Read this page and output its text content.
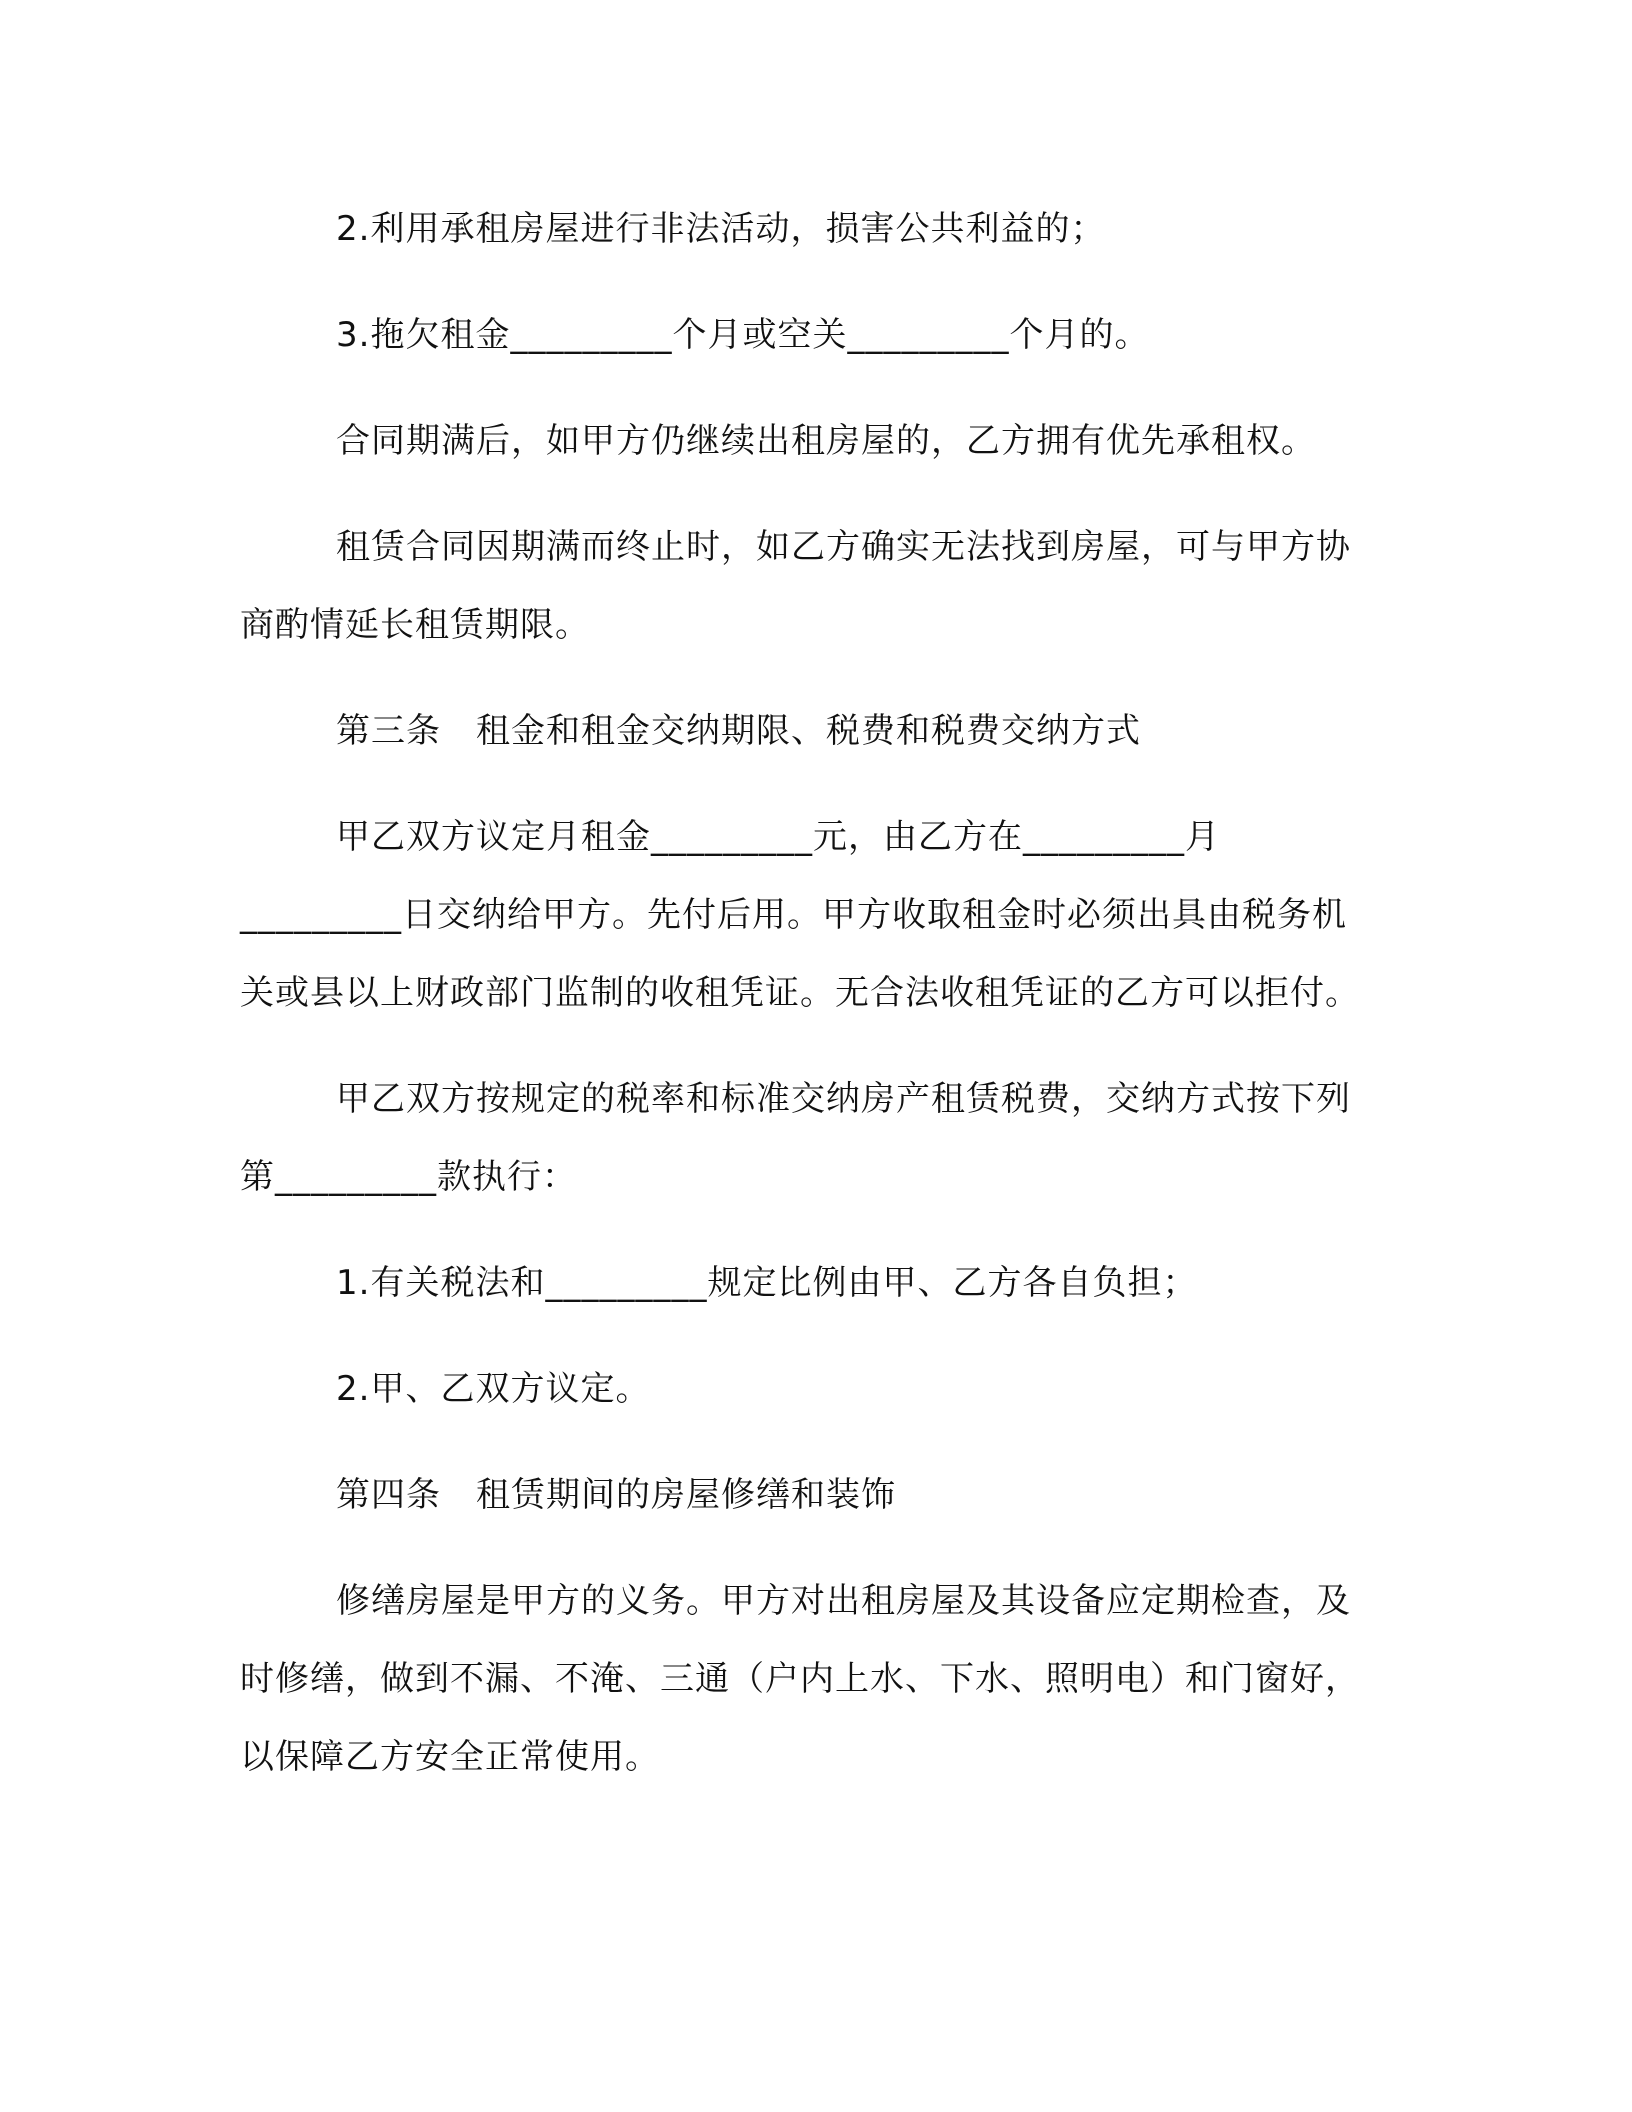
2.利用承租房屋进行非法活动，损害公共利益的；

3.拖欠租金_________个月或空关_________个月的。

合同期满后，如甲方仍继续出租房屋的，乙方拥有优先承租权。

租赁合同因期满而终止时，如乙方确实无法找到房屋，可与甲方协商酌情延长租赁期限。

第三条　租金和租金交纳期限、税费和税费交纳方式

甲乙双方议定月租金_________元，由乙方在_________月_________日交纳给甲方。先付后用。甲方收取租金时必须出具由税务机关或县以上财政部门监制的收租凭证。无合法收租凭证的乙方可以拒付。

甲乙双方按规定的税率和标准交纳房产租赁税费，交纳方式按下列第_________款执行：

1.有关税法和_________规定比例由甲、乙方各自负担；

2.甲、乙双方议定。

第四条　租赁期间的房屋修缮和装饰

修缮房屋是甲方的义务。甲方对出租房屋及其设备应定期检查，及时修缮，做到不漏、不淹、三通（户内上水、下水、照明电）和门窗好，以保障乙方安全正常使用。
